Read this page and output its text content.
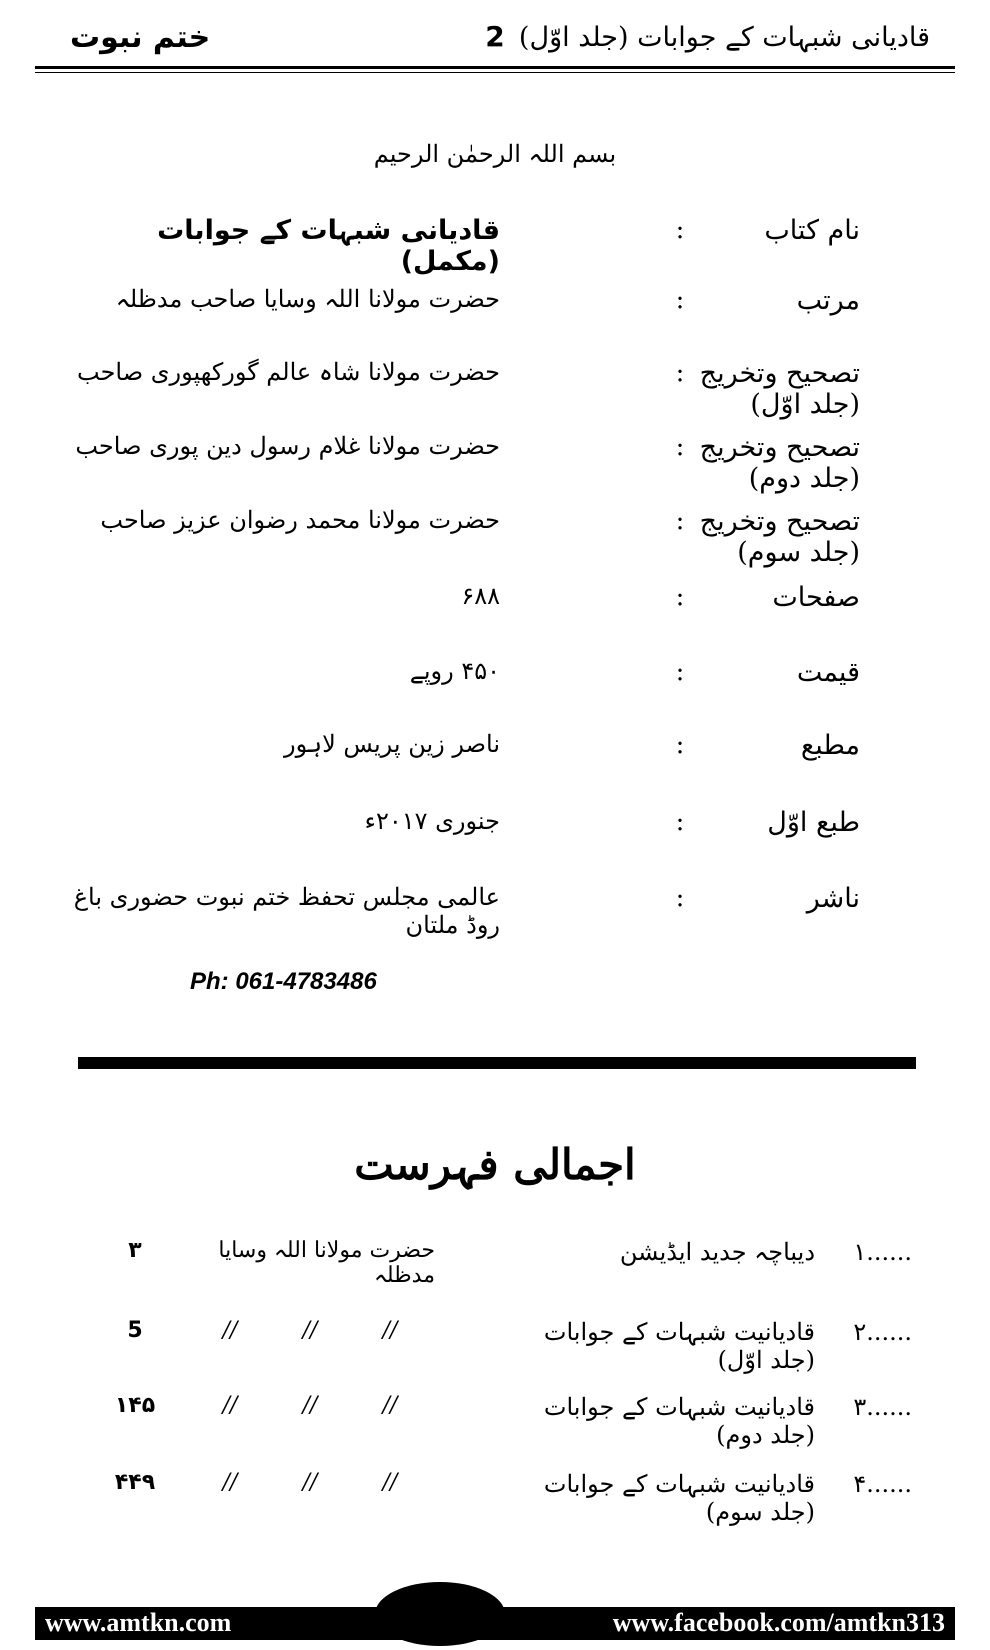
ختم نبوت	2 قادیانی شبہات کے جوابات (جلد اوّل)
بسم اللہ الرحمٰن الرحیم
نام کتاب
:
قادیانی شبہات کے جوابات (مکمل)
مرتب
:
حضرت مولانا اللہ وسایا صاحب مدظلہ
تصحیح وتخریج (جلد اوّل)
:
حضرت مولانا شاہ عالم گورکھپوری صاحب
تصحیح وتخریج (جلد دوم)
:
حضرت مولانا غلام رسول دین پوری صاحب
تصحیح وتخریج (جلد سوم)
:
حضرت مولانا محمد رضوان عزیز صاحب
صفحات
:
۶۸۸
قیمت
:
۴۵۰ روپے
مطبع
:
ناصر زین پریس لاہور
طبع اوّل
:
جنوری ۲۰۱۷ء
ناشر
:
عالمی مجلس تحفظ ختم نبوت حضوری باغ روڈ ملتان
Ph: 061-4783486
اجمالی فہرست
۱......
دیباچہ جدید ایڈیشن
حضرت مولانا اللہ وسایا مدظلہ
۳
۲......
قادیانیت شبہات کے جوابات (جلد اوّل)
//
//
//
5
۳......
قادیانیت شبہات کے جوابات (جلد دوم)
//
//
//
۱۴۵
۴......
قادیانیت شبہات کے جوابات (جلد سوم)
//
//
//
۴۴۹
www.amtkn.com	www.facebook.com/amtkn313
